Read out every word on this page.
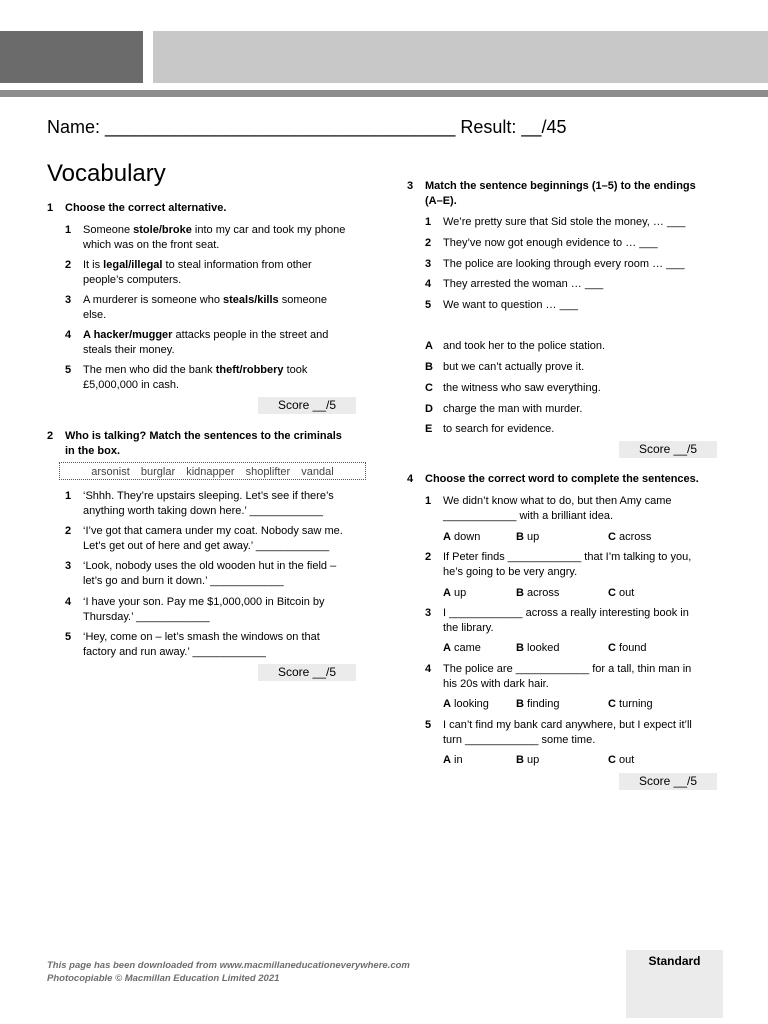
Name: ___________________________________ Result: __/45
Vocabulary
1 Choose the correct alternative.
1 Someone stole/broke into my car and took my phone
which was on the front seat.
2 It is legal/illegal to steal information from other
people’s computers.
3 A murderer is someone who steals/kills someone
else.
4 A hacker/mugger attacks people in the street and
steals their money.
5 The men who did the bank theft/robbery took
£5,000,000 in cash.
Score __/5
2 Who is talking? Match the sentences to the criminals
in the box.
arsonist burglar kidnapper shoplifter vandal
1 ‘Shhh. They’re upstairs sleeping. Let’s see if there’s
anything worth taking down here.’ ____________
2 ‘I’ve got that camera under my coat. Nobody saw me.
Let’s get out of here and get away.’ ____________
3 ‘Look, nobody uses the old wooden hut in the field –
let’s go and burn it down.’ ____________
4 ‘I have your son. Pay me $1,000,000 in Bitcoin by
Thursday.’ ____________
5 ‘Hey, come on – let’s smash the windows on that
factory and run away.’ ____________
Score __/5
3 Match the sentence beginnings (1–5) to the endings
(A–E).
1 We’re pretty sure that Sid stole the money, … ___
2 They’ve now got enough evidence to … ___
3 The police are looking through every room … ___
4 They arrested the woman … ___
5 We want to question … ___
A and took her to the police station.
B but we can’t actually prove it.
C the witness who saw everything.
D charge the man with murder.
E to search for evidence.
Score __/5
4 Choose the correct word to complete the sentences.
1 We didn’t know what to do, but then Amy came
____________ with a brilliant idea.
A down	B up	C across
2 If Peter finds ____________ that I’m talking to you,
he’s going to be very angry.
A up	B across	C out
3 I ____________ across a really interesting book in
the library.
A came	B looked	C found
4 The police are ____________ for a tall, thin man in
his 20s with dark hair.
A looking B finding	C turning
5 I can’t find my bank card anywhere, but I expect it’ll
turn ____________ some time.
A in	B up	C out
Score __/5
This page has been downloaded from www.macmillaneducationeverywhere.com
Photocopiable © Macmillan Education Limited 2021
Standard
